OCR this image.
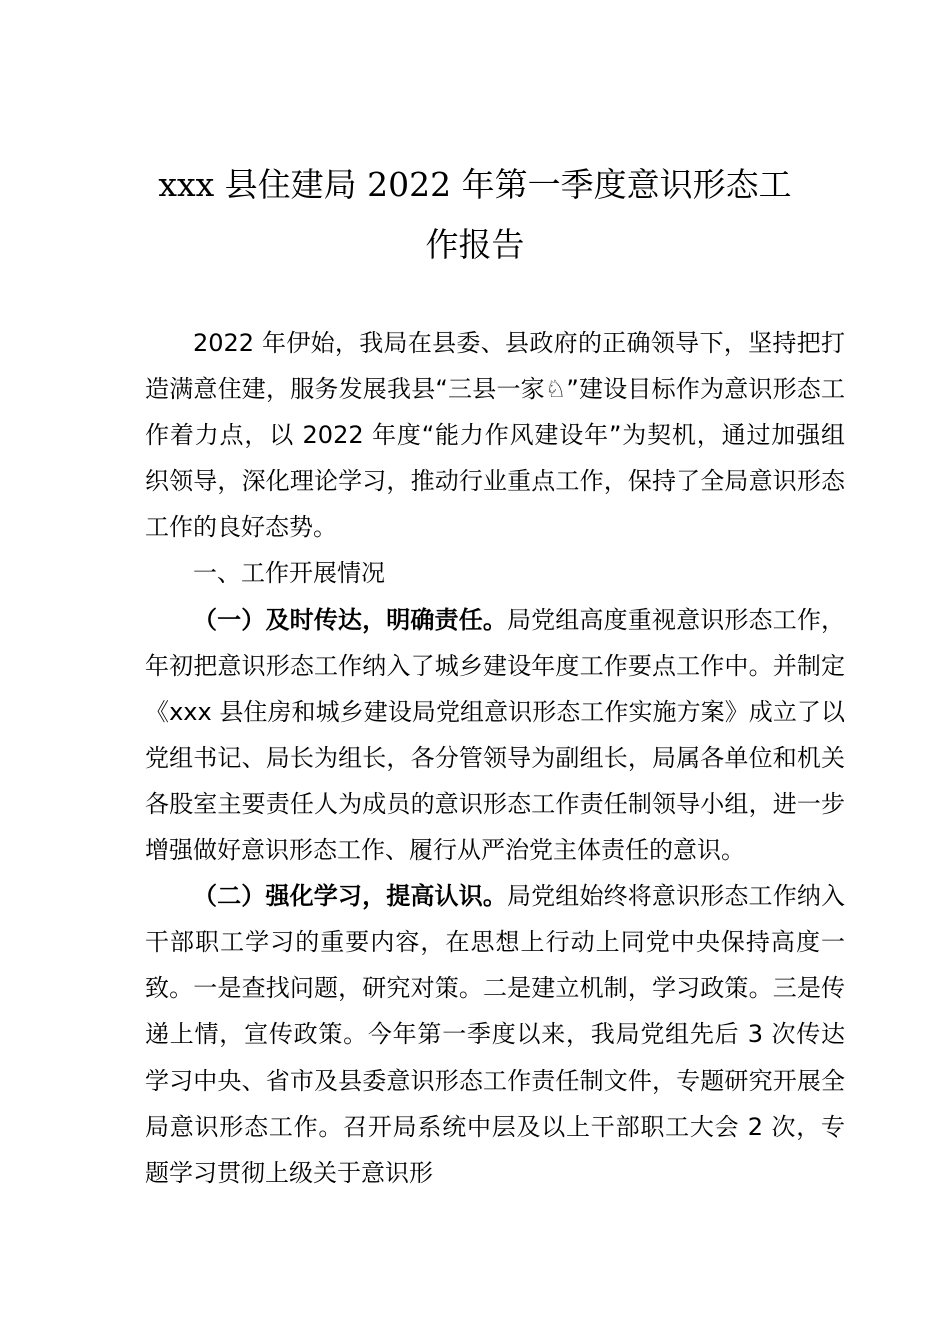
xxx 县住建局 2022 年第一季度意识形态工
作报告

2022 年伊始，我局在县委、县政府的正确领导下，坚持把打造满意住建，服务发展我县“三县一家♘”建设目标作为意识形态工作着力点，以 2022 年度“能力作风建设年”为契机，通过加强组织领导，深化理论学习，推动行业重点工作，保持了全局意识形态工作的良好态势。

一、工作开展情况

（一）及时传达，明确责任。局党组高度重视意识形态工作，年初把意识形态工作纳入了城乡建设年度工作要点工作中。并制定《xxx 县住房和城乡建设局党组意识形态工作实施方案》成立了以党组书记、局长为组长，各分管领导为副组长，局属各单位和机关各股室主要责任人为成员的意识形态工作责任制领导小组，进一步增强做好意识形态工作、履行从严治党主体责任的意识。

（二）强化学习，提高认识。局党组始终将意识形态工作纳入干部职工学习的重要内容，在思想上行动上同党中央保持高度一致。一是查找问题，研究对策。二是建立机制，学习政策。三是传递上情，宣传政策。今年第一季度以来，我局党组先后 3 次传达学习中央、省市及县委意识形态工作责任制文件，专题研究开展全局意识形态工作。召开局系统中层及以上干部职工大会 2 次，专题学习贯彻上级关于意识形
